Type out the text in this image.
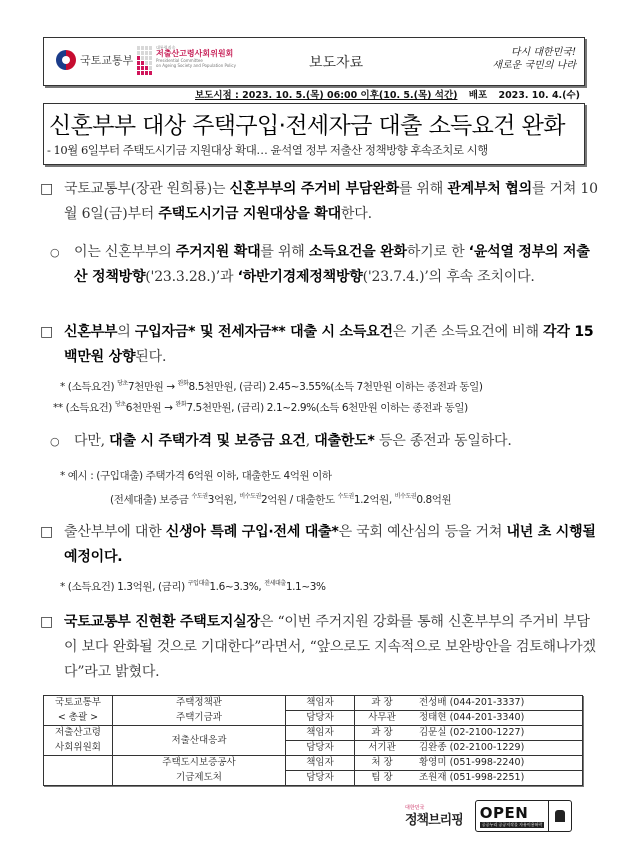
국토교통부
대통령직속
저출산고령사회위원회
Presidential Committee
on Ageing Society and Population Policy	보도자료
다시 대한민국!
새로운 국민의 나라
보도시점 : 2023. 10. 5.(목) 06:00 이후(10. 5.(목) 석간) 배포 2023. 10. 4.(수)
신혼부부 대상 주택구입·전세자금 대출 소득요건 완화
- 10월 6일부터 주택도시기금 지원대상 확대… 윤석열 정부 저출산 정책방향 후속조치로 시행
□ 국토교통부(장관 원희룡)는 신혼부부의 주거비 부담완화를 위해 관계부처 협의를 거쳐 10월 6일(금)부터 주택도시기금 지원대상을 확대한다.
○	이는 신혼부부의 주거지원 확대를 위해 소득요건을 완화하기로 한 ‘윤석열 정부의 저출산 정책방향('23.3.28.)’과 ‘하반기경제정책방향('23.7.4.)’의 후속 조치이다.
□ 신혼부부의 구입자금* 및 전세자금** 대출 시 소득요건은 기존 소득요건에 비해 각각 15백만원 상향된다.
* (소득요건) $^{당초}$7천만원 → $^{완화}$8.5천만원, (금리) 2.45~3.55%(소득 7천만원 이하는 종전과 동일)
** (소득요건) $^{당초}$6천만원 → $^{완화}$7.5천만원, (금리) 2.1~2.9%(소득 6천만원 이하는 종전과 동일)
○	다만, 대출 시 주택가격 및 보증금 요건, 대출한도* 등은 종전과 동일하다.
* 예시 : (구입대출) 주택가격 6억원 이하, 대출한도 4억원 이하
(전세대출) 보증금 $^{수도권}$3억원, $^{비수도권}$2억원 / 대출한도 $^{수도권}$1.2억원, $^{비수도권}$0.8억원
□ 출산부부에 대한 신생아 특례 구입·전세 대출*은 국회 예산심의 등을 거쳐 내년 초 시행될 예정이다.
* (소득요건) 1.3억원, (금리) $^{구입대출}$1.6~3.3%, $^{전세대출}$1.1~3%
□ 국토교통부 진현환 주택토지실장은 “이번 주거지원 강화를 통해 신혼부부의 주거비 부담이 보다 완화될 것으로 기대한다”라면서, “앞으로도 지속적으로 보완방안을 검토해나가겠다”라고 밝혔다.
국토교통부	주택정책관	책임자	과 장	전성배 (044-201-3337)
< 총괄 >	주택기금과	담당자	사무관	정태현 (044-201-3340)
저출산고령	저출산대응과	책임자	과 장	김문실 (02-2100-1227)
사회위원회		담당자	서기관	김완종 (02-2100-1229)
	주택도시보증공사	책임자	처 장	황영미 (051-998-2240)
	기금제도처	담당자	팀 장	조원재 (051-998-2251)
대한민국
정책브리핑 OPEN
공공누리 공공저작물 자유이용허락
